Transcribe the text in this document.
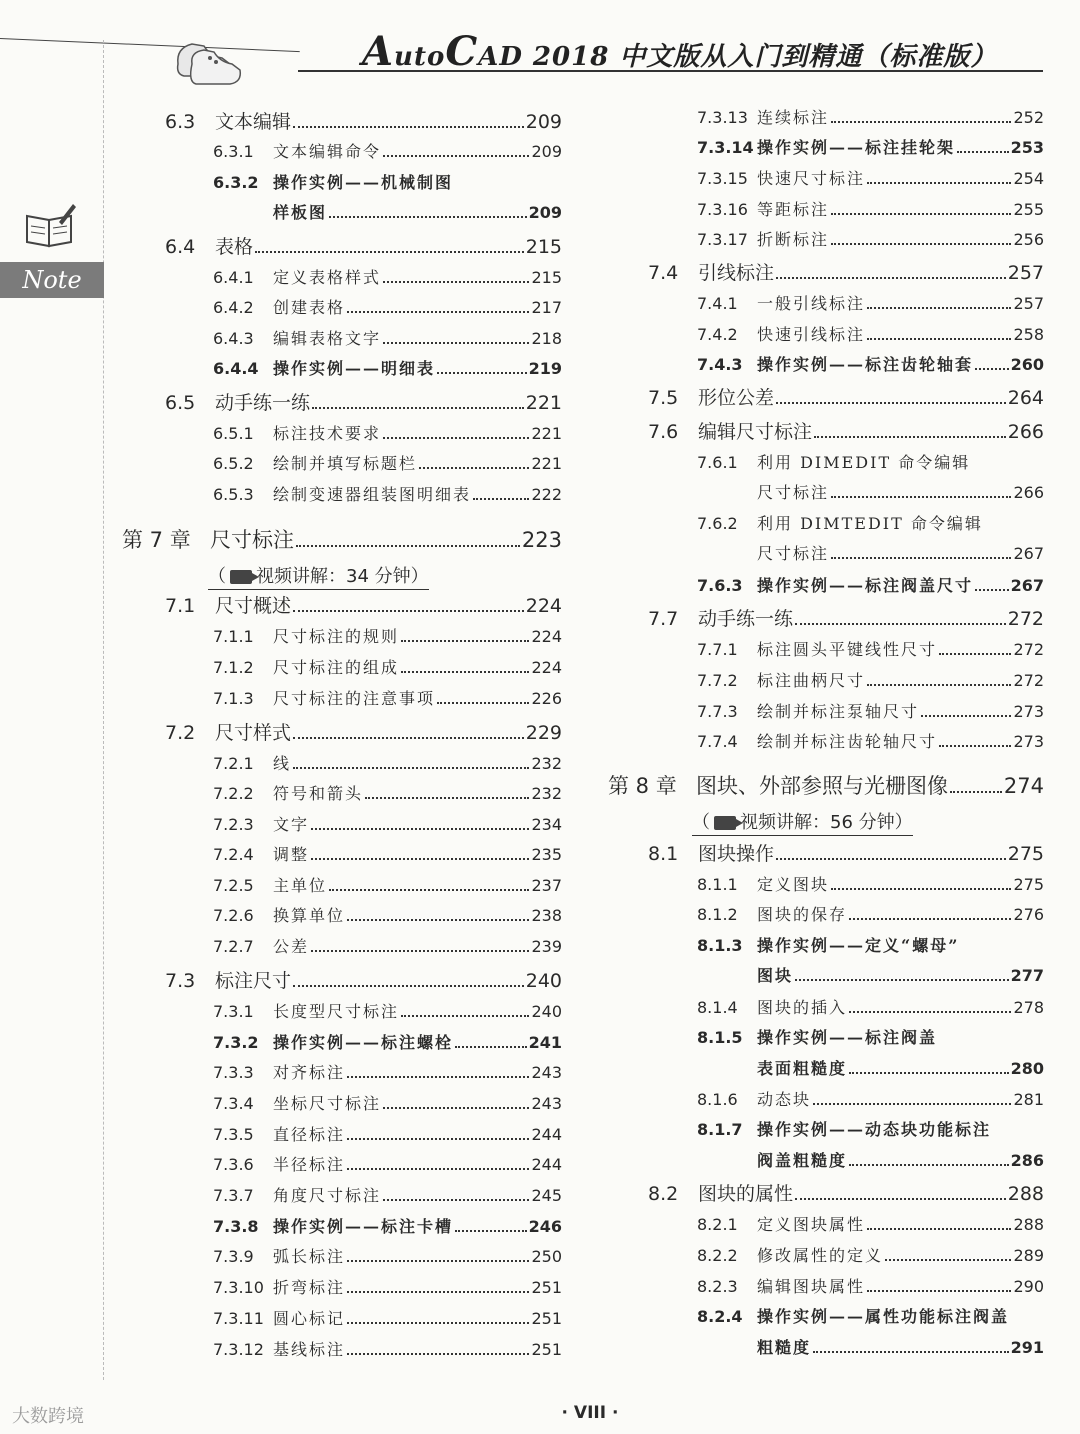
AutoCAD 2018 中文版从入门到精通（标准版）
Note
6.3	文本编辑	209
6.3.1	文本编辑命令	209
6.3.2 操作实例——机械制图
样板图	209
6.4	表格	215
6.4.1	定义表格样式	215
6.4.2	创建表格	217
6.4.3	编辑表格文字	218
6.4.4 操作实例——明细表	219
6.5	动手练一练	221
6.5.1	标注技术要求	221
6.5.2	绘制并填写标题栏	221
6.5.3	绘制变速器组装图明细表	222
第 7 章 尺寸标注	223
（ 视频讲解：34 分钟）
7.1	尺寸概述	224
7.1.1	尺寸标注的规则	224
7.1.2	尺寸标注的组成	224
7.1.3	尺寸标注的注意事项	226
7.2	尺寸样式	229
7.2.1	线	232
7.2.2	符号和箭头	232
7.2.3	文字	234
7.2.4	调整	235
7.2.5	主单位	237
7.2.6	换算单位	238
7.2.7	公差	239
7.3	标注尺寸	240
7.3.1	长度型尺寸标注	240
7.3.2 操作实例——标注螺栓	241
7.3.3	对齐标注	243
7.3.4	坐标尺寸标注	243
7.3.5	直径标注	244
7.3.6	半径标注	244
7.3.7	角度尺寸标注	245
7.3.8 操作实例——标注卡槽	246
7.3.9	弧长标注	250
7.3.10 折弯标注	251
7.3.11 圆心标记	251
7.3.12 基线标注	251
7.3.13 连续标注	252
7.3.14 操作实例——标注挂轮架	253
7.3.15 快速尺寸标注	254
7.3.16 等距标注	255
7.3.17 折断标注	256
7.4	引线标注	257
7.4.1	一般引线标注	257
7.4.2	快速引线标注	258
7.4.3 操作实例——标注齿轮轴套 260
7.5	形位公差	264
7.6	编辑尺寸标注	266
7.6.1	利用 DIMEDIT 命令编辑
尺寸标注	266
7.6.2	利用 DIMTEDIT 命令编辑
尺寸标注	267
7.6.3 操作实例——标注阀盖尺寸 267
7.7	动手练一练	272
7.7.1	标注圆头平键线性尺寸	272
7.7.2	标注曲柄尺寸	272
7.7.3	绘制并标注泵轴尺寸	273
7.7.4	绘制并标注齿轮轴尺寸	273
第 8 章 图块、外部参照与光栅图像	274
（ 视频讲解：56 分钟）
8.1	图块操作	275
8.1.1	定义图块	275
8.1.2	图块的保存	276
8.1.3 操作实例——定义“螺母”
图块	277
8.1.4	图块的插入	278
8.1.5 操作实例——标注阀盖
表面粗糙度	280
8.1.6	动态块	281
8.1.7 操作实例——动态块功能标注
阀盖粗糙度	286
8.2	图块的属性	288
8.2.1	定义图块属性	288
8.2.2	修改属性的定义	289
8.2.3	编辑图块属性	290
8.2.4 操作实例——属性功能标注阀盖
粗糙度	291
· VIII ·
大数跨境
